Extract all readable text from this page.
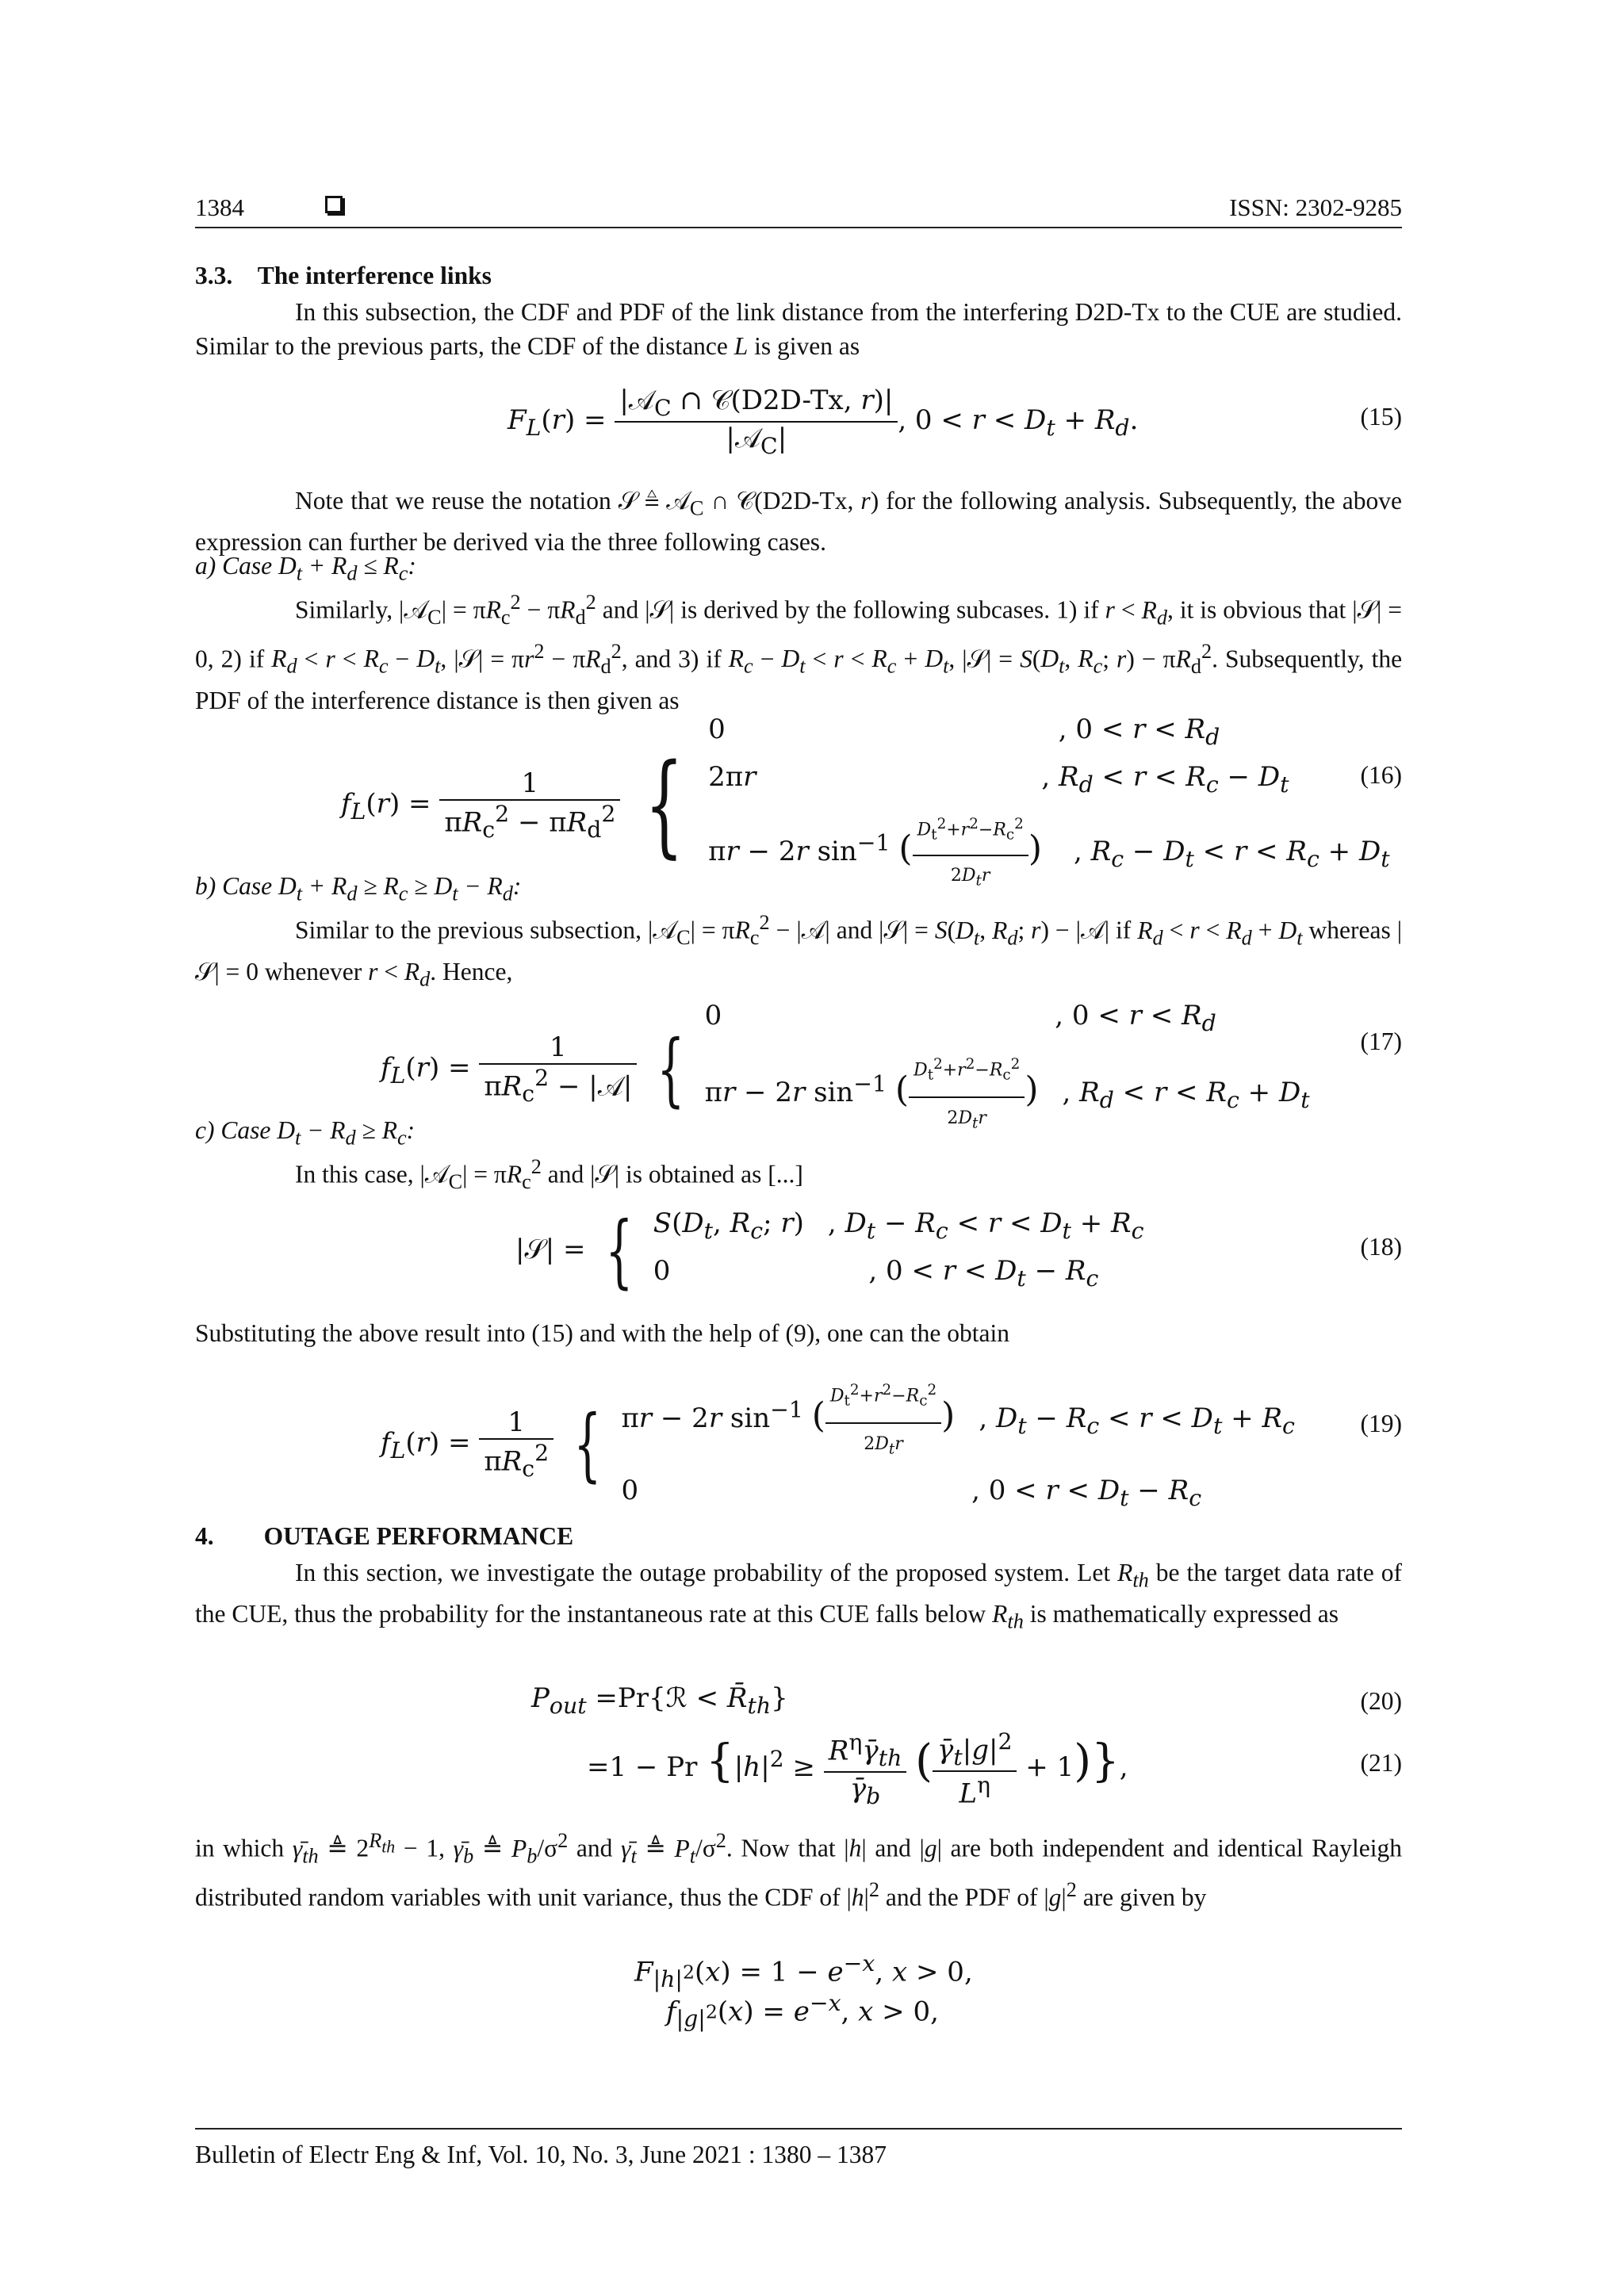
1384	ISSN: 2302-9285
3.3. The interference links
In this subsection, the CDF and PDF of the link distance from the interfering D2D-Tx to the CUE are studied. Similar to the previous parts, the CDF of the distance L is given as
$F_L(r) = \frac{|𝒜_C \cap 𝒞(D2D-Tx, r)|}{|𝒜_C|}$ , $0 < r < D_t + R_d$.	(15)
Note that we reuse the notation 𝒮 ≜ 𝒜$_C$ ∩ 𝒞(D2D-Tx, r) for the following analysis. Subsequently, the above expression can further be derived via the three following cases.
a) Case $D_t + R_d \le R_c$:
Similarly, |𝒜$_C$| = $\pi R_c^2 - \pi R_d^2$ and |𝒮| is derived by the following subcases. 1) if $r < R_d$, it is obvious that |𝒮| = 0, 2) if $R_d < r < R_c - D_t$, |𝒮| = $\pi r^2 - \pi R_d^2$, and 3) if $R_c - D_t < r < R_c + D_t$, |𝒮| = $S(D_t$, $R_c$; $r) - \pi R_d^2$. Subsequently, the PDF of the interference distance is then given as
$f_L(r) = \frac{1}{\pi R_c^2 - \pi R_d^2}$ {
0	, $0 < r < R_d$
2πr	, $R_d < r < R_c - D_t$
πr − 2r $\sin^{-1}$ ( $\frac{D_t^2+r^2-R_c^2}{2D_tr}$ ) , $R_c - D_t < r < R_c + D_t$
(16)
b) Case $D_t + R_d \ge R_c \ge D_t - R_d$:
Similar to the previous subsection, |𝒜$_C$| = $\pi R_c^2$ − |𝒜| and |𝒮| = $S(D_t$, $R_d$; r) − |𝒜| if $R_d < r < R_d + D_t$ whereas |𝒮| = 0 whenever $r < R_d$. Hence,
$f_L(r) = \frac{1}{\pi R_c^2 - |𝒜|}$ {
0	, $0 < r < R_d$
πr − 2r $\sin^{-1}$ ( $\frac{D_t^2+r^2-R_c^2}{2D_tr}$ ) , $R_d < r < R_c + D_t$
(17)
c) Case $D_t - R_d \ge R_c$:
In this case, |𝒜$_C$| = $\pi R_c^2$ and |𝒮| is obtained as [...]
|𝒮| = { $S(D_t$, $R_c$; r) , $D_t - R_c < r < D_t + R_c$
0	, $0 < r < D_t - R_c$
(18)
Substituting the above result into (15) and with the help of (9), one can the obtain
$f_L(r) = \frac{1}{\pi R_c^2}$ { πr − 2r $\sin^{-1}$ ( $\frac{D_t^2+r^2-R_c^2}{2D_tr}$ ) , $D_t - R_c < r < D_t + R_c$
0	, $0 < r < D_t - R_c$
(19)
4.  OUTAGE PERFORMANCE
In this section, we investigate the outage probability of the proposed system. Let $R_{th}$ be the target data rate of the CUE, thus the probability for the instantaneous rate at this CUE falls below $R_{th}$ is mathematically expressed as
$P_{out}$ =Pr{ℛ < $R̄_{th}$}	(20)
=1 − Pr {$|h|^2 \ge \frac{R^\eta\gammā_{th}}{\gammā_b}$ ( $\frac{\gammā_t|g|^2}{L^\eta} + 1$)},	(21)
in which $\gammā_{th}$ ≜ $2^{R_{th}} - 1$, $\gammā_b$ ≜ $P_b/\sigma^2$ and $\gammā_t$ ≜ $P_t/\sigma^2$. Now that |h| and |g| are both independent and identical Rayleigh distributed random variables with unit variance, thus the CDF of $|h|^2$ and the PDF of $|g|^2$ are given by
$F_{|h|^2}(x) = 1 - e^{-x}$, x > 0,
$f_{|g|^2}(x) = e^{-x}$, x > 0,
Bulletin of Electr Eng & Inf, Vol. 10, No. 3, June 2021 : 1380 – 1387
